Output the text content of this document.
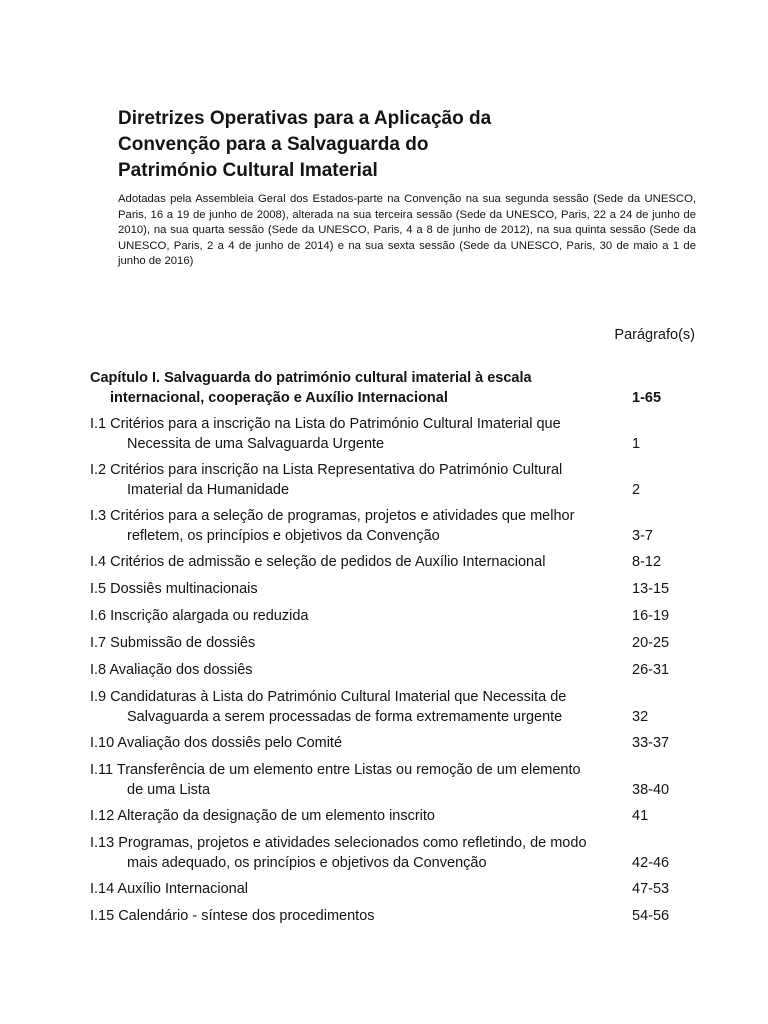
Diretrizes Operativas para a Aplicação da
Convenção para a Salvaguarda do
Património Cultural Imaterial

Adotadas pela Assembleia Geral dos Estados-parte na Convenção na sua segunda sessão (Sede da UNESCO, Paris, 16 a 19 de junho de 2008), alterada na sua terceira sessão (Sede da UNESCO, Paris, 22 a 24 de junho de 2010), na sua quarta sessão (Sede da UNESCO, Paris, 4 a 8 de junho de 2012), na sua quinta sessão (Sede da UNESCO, Paris, 2 a 4 de junho de 2014) e na sua sexta sessão (Sede da UNESCO, Paris, 30 de maio a 1 de junho de 2016)

Parágrafo(s)

Capítulo I. Salvaguarda do património cultural imaterial à escala
internacional, cooperação e Auxílio Internacional	1-65
I.1 Critérios para a inscrição na Lista do Património Cultural Imaterial que
Necessita de uma Salvaguarda Urgente	1
I.2 Critérios para inscrição na Lista Representativa do Património Cultural
Imaterial da Humanidade	2
I.3 Critérios para a seleção de programas, projetos e atividades que melhor
refletem, os princípios e objetivos da Convenção	3-7
I.4 Critérios de admissão e seleção de pedidos de Auxílio Internacional	8-12
I.5 Dossiês multinacionais	13-15
I.6 Inscrição alargada ou reduzida	16-19
I.7 Submissão de dossiês	20-25
I.8 Avaliação dos dossiês	26-31
I.9 Candidaturas à Lista do Património Cultural Imaterial que Necessita de
Salvaguarda a serem processadas de forma extremamente urgente	32
I.10 Avaliação dos dossiês pelo Comité	33-37
I.11 Transferência de um elemento entre Listas ou remoção de um elemento
de uma Lista	38-40
I.12 Alteração da designação de um elemento inscrito	41
I.13 Programas, projetos e atividades selecionados como refletindo, de modo
mais adequado, os princípios e objetivos da Convenção	42-46
I.14 Auxílio Internacional	47-53
I.15 Calendário - síntese dos procedimentos	54-56
